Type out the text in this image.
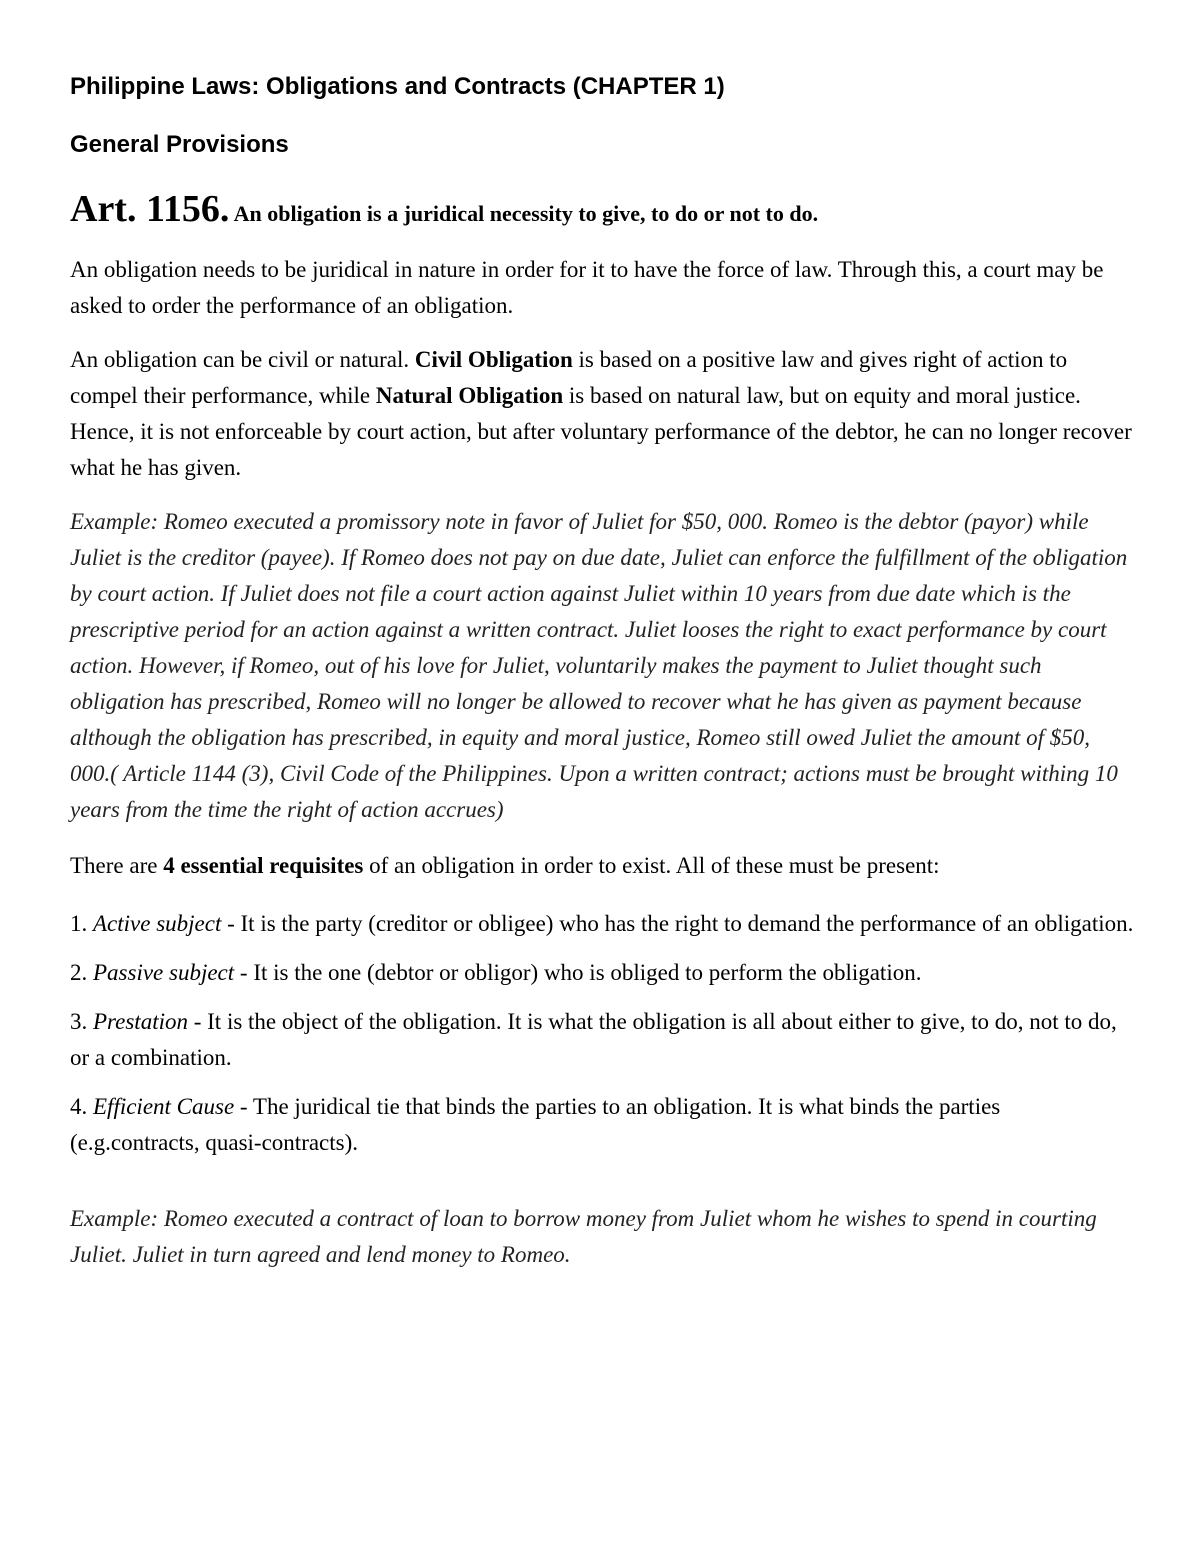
Philippine Laws: Obligations and Contracts (CHAPTER 1)
General Provisions
Art. 1156. An obligation is a juridical necessity to give, to do or not to do.

An obligation needs to be juridical in nature in order for it to have the force of law. Through this, a court may be asked to order the performance of an obligation.

An obligation can be civil or natural. Civil Obligation is based on a positive law and gives right of action to compel their performance, while Natural Obligation is based on natural law, but on equity and moral justice. Hence, it is not enforceable by court action, but after voluntary performance of the debtor, he can no longer recover what he has given.

Example: Romeo executed a promissory note in favor of Juliet for $50, 000. Romeo is the debtor (payor) while Juliet is the creditor (payee). If Romeo does not pay on due date, Juliet can enforce the fulfillment of the obligation by court action. If Juliet does not file a court action against Juliet within 10 years from due date which is the prescriptive period for an action against a written contract. Juliet looses the right to exact performance by court action. However, if Romeo, out of his love for Juliet, voluntarily makes the payment to Juliet thought such obligation has prescribed, Romeo will no longer be allowed to recover what he has given as payment because although the obligation has prescribed, in equity and moral justice, Romeo still owed Juliet the amount of $50, 000.( Article 1144 (3), Civil Code of the Philippines. Upon a written contract; actions must be brought withing 10 years from the time the right of action accrues)

There are 4 essential requisites of an obligation in order to exist. All of these must be present:

1. Active subject - It is the party (creditor or obligee) who has the right to demand the performance of an obligation.

2. Passive subject - It is the one (debtor or obligor) who is obliged to perform the obligation.

3. Prestation - It is the object of the obligation. It is what the obligation is all about either to give, to do, not to do, or a combination.

4. Efficient Cause - The juridical tie that binds the parties to an obligation. It is what binds the parties (e.g.contracts, quasi-contracts).

Example: Romeo executed a contract of loan to borrow money from Juliet whom he wishes to spend in courting Juliet. Juliet in turn agreed and lend money to Romeo.
